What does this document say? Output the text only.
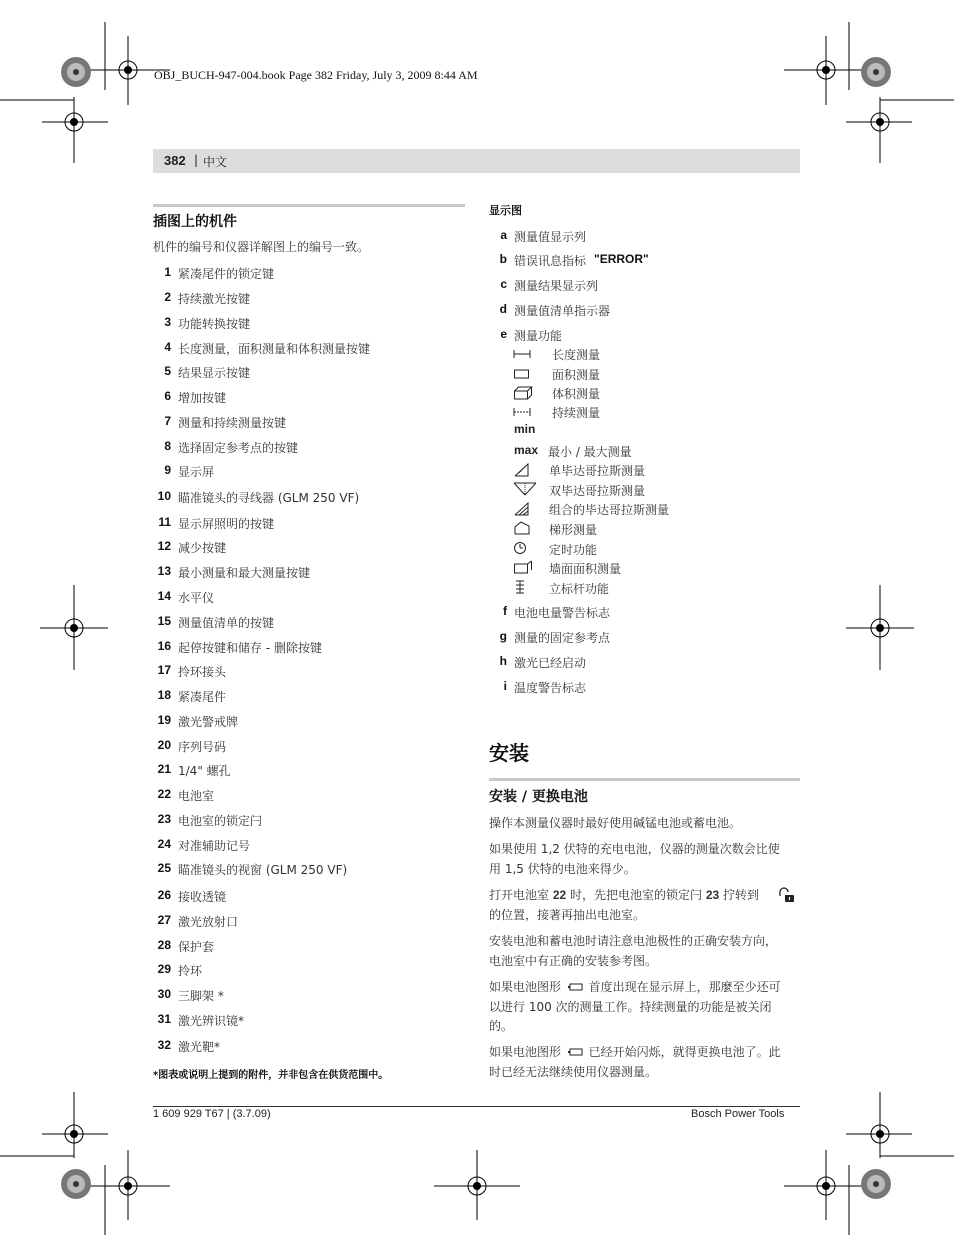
OBJ_BUCH-947-004.book Page 382 Friday, July 3, 2009 8:44 AM
382 | 中文
插图上的机件
机件的编号和仪器详解图上的编号一致。
1 紧凑尾件的锁定键
2 持续激光按键
3 功能转换按键
4 长度测量，面积测量和体积测量按键
5 结果显示按键
6 增加按键
7 测量和持续测量按键
8 选择固定参考点的按键
9 显示屏
10 瞄准镜头的寻线器 (GLM 250 VF)
11 显示屏照明的按键
12 减少按键
13 最小测量和最大测量按键
14 水平仪
15 测量值清单的按键
16 起停按键和储存 - 删除按键
17 拎环接头
18 紧凑尾件
19 激光警戒牌
20 序列号码
21 1/4" 螺孔
22 电池室
23 电池室的锁定闩
24 对准辅助记号
25 瞄准镜头的视窗 (GLM 250 VF)
26 接收透镜
27 激光放射口
28 保护套
29 拎环
30 三脚架 *
31 激光辨识镜*
32 激光靶*
*图表或说明上提到的附件，并非包含在供货范围中。
显示图
a 测量值显示列
b 错误讯息指标 "ERROR"
c 测量结果显示列
d 测量值清单指示器
e 测量功能
长度测量
面积测量
体积测量
持续测量
min
max 最小 / 最大测量
单毕达哥拉斯测量
双毕达哥拉斯测量
组合的毕达哥拉斯测量
梯形测量
定时功能
墙面面积测量
立标杆功能
f 电池电量警告标志
g 测量的固定参考点
h 激光已经启动
i 温度警告标志
安装
安装 / 更换电池
操作本测量仪器时最好使用碱锰电池或蓄电池。
如果使用 1,2 伏特的充电电池，仪器的测量次数会比使
用 1,5 伏特的电池来得少。
打开电池室 22 时，先把电池室的锁定闩 23 拧转到
的位置，接著再抽出电池室。
安装电池和蓄电池时请注意电池极性的正确安装方向，
电池室中有正确的安装参考图。
如果电池图形 首度出现在显示屏上，那麼至少还可
以进行 100 次的测量工作。持续测量的功能是被关闭
的。
如果电池图形 已经开始闪烁，就得更换电池了。此
时已经无法继续使用仪器测量。
1 609 929 T67 | (3.7.09)	Bosch Power Tools
